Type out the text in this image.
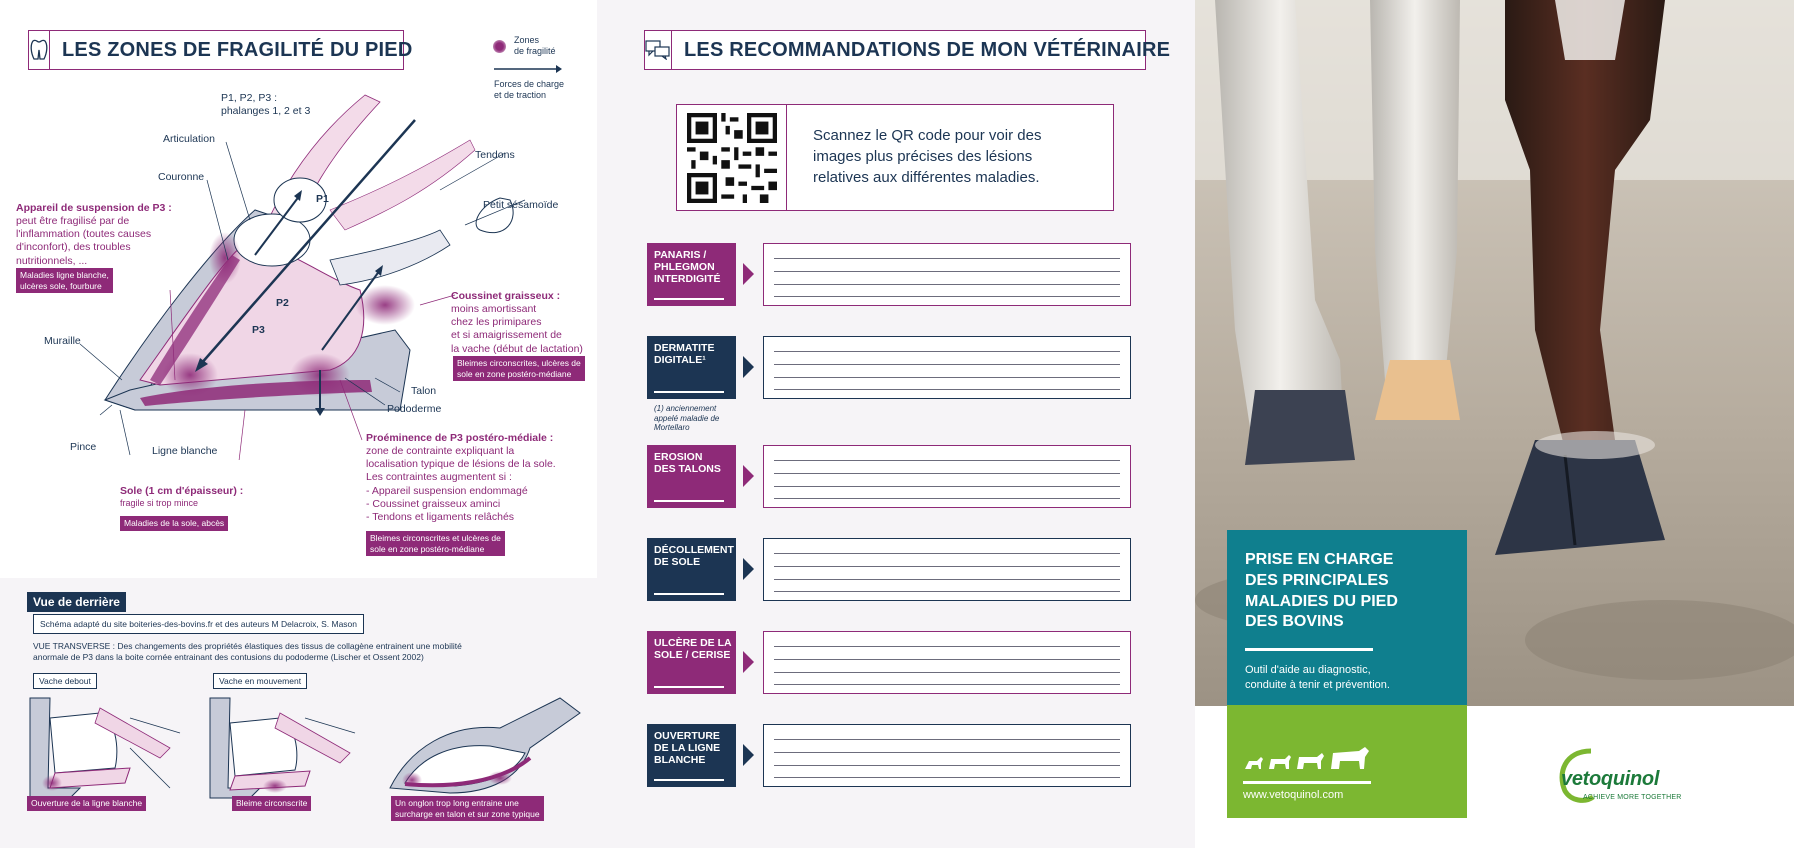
LES ZONES DE FRAGILITÉ DU PIED	Zones
de fragilité
Forces de charge
et de traction
P1, P2, P3 :
phalanges 1, 2 et 3
Articulation
Couronne
Tendons
Petit sésamoïde
Muraille
Pince	Ligne blanche
Talon
Pododerme
P1
P2
P3
Appareil de suspension de P3 :
peut être fragilisé par de
l'inflammation (toutes causes
d'inconfort), des troubles
nutritionnels, ...
Maladies ligne blanche,
ulcères sole, fourbure
Coussinet graisseux :
moins amortissant
chez les primipares
et si amaigrissement de
la vache (début de lactation)
Bleimes circonscrites, ulcères de
sole en zone postéro-médiane
Proéminence de P3 postéro-médiale :
zone de contrainte expliquant la
localisation typique de lésions de la sole.
Les contraintes augmentent si :
- Appareil suspension endommagé
- Coussinet graisseux aminci
- Tendons et ligaments relâchés
Bleimes circonscrites et ulcères de
sole en zone postéro-médiane
Sole (1 cm d'épaisseur) :
fragile si trop mince
Maladies de la sole, abcès
Vue de derrière
Schéma adapté du site boiteries-des-bovins.fr et des auteurs M Delacroix, S. Mason
VUE TRANSVERSE : Des changements des propriétés élastiques des tissus de collagène entrainent une mobilité
anormale de P3 dans la boite cornée entrainant des contusions du pododerme (Lischer et Ossent 2002)
Vache debout	Vache en mouvement
Ouverture de la ligne blanche	Bleime circonscrite	Un onglon trop long entraine une
surcharge en talon et sur zone typique
LES RECOMMANDATIONS DE MON VÉTÉRINAIRE
Scannez le QR code pour voir des
images plus précises des lésions
relatives aux différentes maladies.
PANARIS /
PHLEGMON
INTERDIGITÉ
DERMATITE
DIGITALE¹
(1) anciennement
appelé maladie de
Mortellaro
EROSION
DES TALONS
DÉCOLLEMENT
DE SOLE
ULCÈRE DE LA
SOLE / CERISE
OUVERTURE
DE LA LIGNE
BLANCHE
PRISE EN CHARGE
DES PRINCIPALES
MALADIES DU PIED
DES BOVINS
Outil d'aide au diagnostic,
conduite à tenir et prévention.
www.vetoquinol.com
vetoquinol
ACHIEVE MORE TOGETHER
